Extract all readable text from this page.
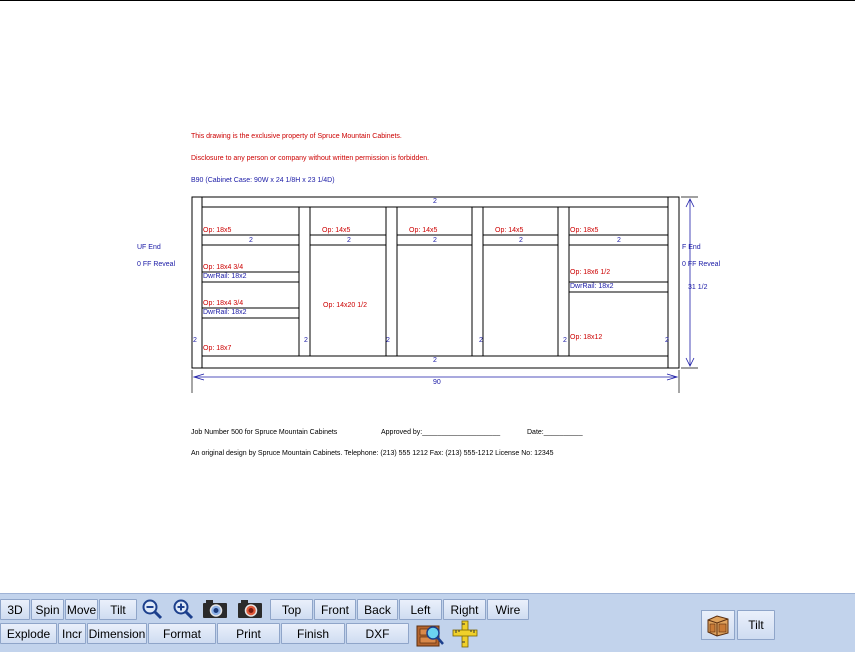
This drawing is the exclusive property of Spruce Mountain Cabinets.
Disclosure to any person or company without written permission is forbidden.
B90 (Cabinet Case: 90W x 24 1/8H x 23 1/4D)
UF End
0 FF Reveal
F End
0 FF Reveal
31 1/2
2
2
90
2	2	2	2	2	2
Op: 18x5
2
Op: 18x4 3/4
DwrRail: 18x2
Op: 18x4 3/4
DwrRail: 18x2
Op: 18x7
Op: 14x5
2
Op: 14x20 1/2
Op: 14x5
2
Op: 14x5
2
Op: 18x5
2
Op: 18x6 1/2
DwrRail: 18x2
Op: 18x12
Job Number 500 for Spruce Mountain Cabinets	Approved by:____________________	Date:__________
An original design by Spruce Mountain Cabinets. Telephone: (213) 555 1212 Fax: (213) 555-1212 License No: 12345
3D	Spin Move	Tilt	Top	Front	Back	Left	Right	Wire
Explode Incr Dimension	Format	Print	Finish	DXF
Tilt
